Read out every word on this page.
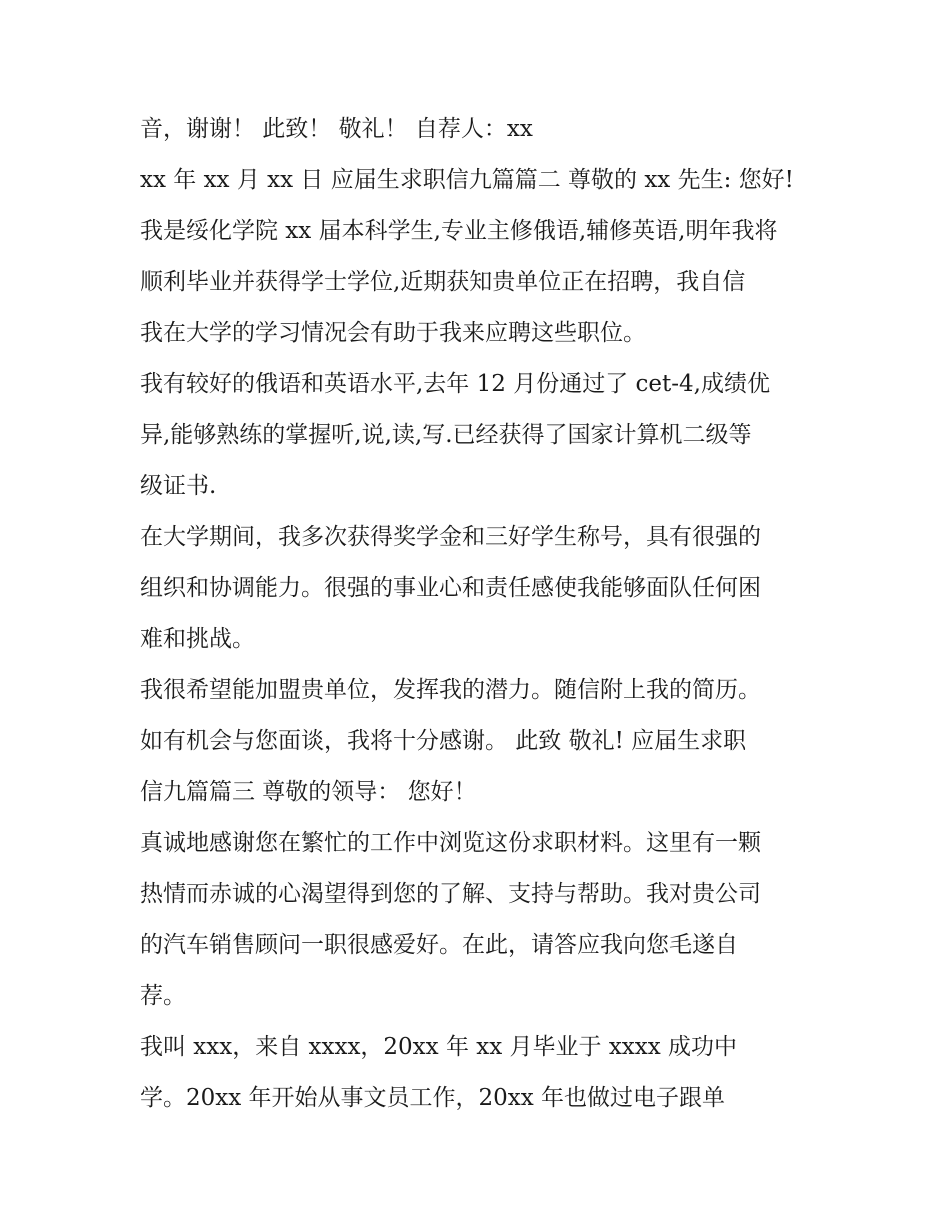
音，谢谢！ 此致！ 敬礼！ 自荐人：xx
xx 年 xx 月 xx 日 应届生求职信九篇篇二 尊敬的 xx 先生: 您好!
我是绥化学院 xx 届本科学生,专业主修俄语,辅修英语,明年我将
顺利毕业并获得学士学位,近期获知贵单位正在招聘，我自信
我在大学的学习情况会有助于我来应聘这些职位。
我有较好的俄语和英语水平,去年 12 月份通过了 cet-4,成绩优
异,能够熟练的掌握听,说,读,写.已经获得了国家计算机二级等
级证书.
在大学期间，我多次获得奖学金和三好学生称号，具有很强的
组织和协调能力。很强的事业心和责任感使我能够面队任何困
难和挑战。
我很希望能加盟贵单位，发挥我的潜力。随信附上我的简历。
如有机会与您面谈，我将十分感谢。 此致 敬礼! 应届生求职
信九篇篇三 尊敬的领导： 您好！
真诚地感谢您在繁忙的工作中浏览这份求职材料。这里有一颗
热情而赤诚的心渴望得到您的了解、支持与帮助。我对贵公司
的汽车销售顾问一职很感爱好。在此，请答应我向您毛遂自
荐。
我叫 xxx，来自 xxxx，20xx 年 xx 月毕业于 xxxx 成功中
学。20xx 年开始从事文员工作，20xx 年也做过电子跟单
